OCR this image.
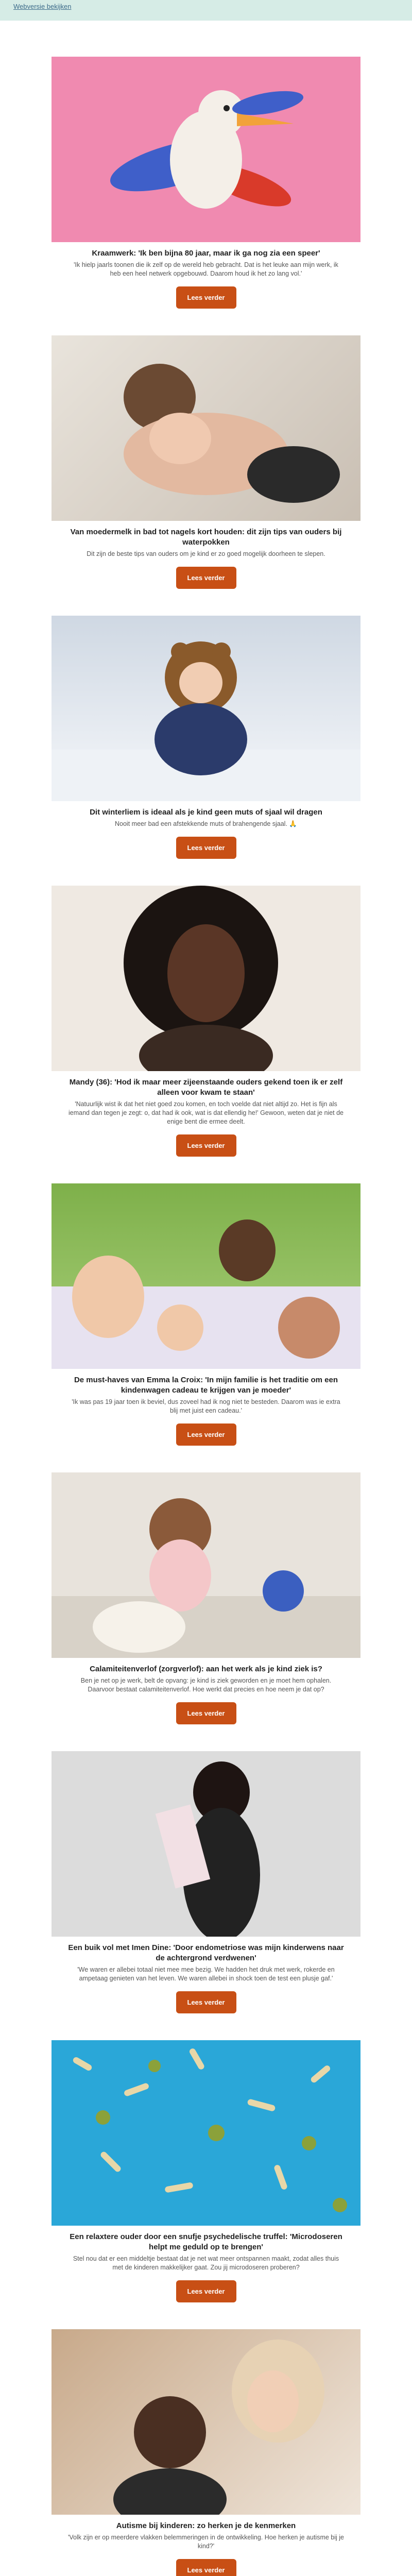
Webversie bekijken
Kraamwerk: 'Ik ben bijna 80 jaar, maar ik ga nog zia een speer'
'Ik hielp jaarls toonen die ik zelf op de wereld heb gebracht. Dat is het leuke aan mijn werk, ik heb een heel netwerk opgebouwd. Daarom houd ik het zo lang vol.'
Lees verder
Van moedermelk in bad tot nagels kort houden: dit zijn tips van ouders bij waterpokken
Dit zijn de beste tips van ouders om je kind er zo goed mogelijk doorheen te slepen.
Lees verder
Dit winterliem is ideaal als je kind geen muts of sjaal wil dragen
Nooit meer bad een afstekkende muts of brahengende sjaal. 🙏
Lees verder
Mandy (36): 'Hod ik maar meer zijeenstaande ouders gekend toen ik er zelf alleen voor kwam te staan'
'Natuurlijk wist ik dat het niet goed zou komen, en toch voelde dat niet altijd zo. Het is fijn als iemand dan tegen je zegt: o, dat had ik ook, wat is dat ellendig he!' Gewoon, weten dat je niet de enige bent die ermee deelt.
Lees verder
De must-haves van Emma la Croix: 'In mijn familie is het traditie om een kindenwagen cadeau te krijgen van je moeder'
'Ik was pas 19 jaar toen ik beviel, dus zoveel had ik nog niet te besteden. Daarom was ie extra blij met juist een cadeau.'
Lees verder
Calamiteitenverlof (zorgverlof): aan het werk als je kind ziek is?
Ben je net op je werk, belt de opvang: je kind is ziek geworden en je moet hem ophalen. Daarvoor bestaat calamiteitenverlof. Hoe werkt dat precies en hoe neem je dat op?
Lees verder
Een buik vol met Imen Dine: 'Door endometriose was mijn kinderwens naar de achtergrond verdwenen'
'We waren er allebei totaal niet mee mee bezig. We hadden het druk met werk, rokerde en ampetaag genieten van het leven. We waren allebei in shock toen de test een plusje gaf.'
Lees verder
Een relaxtere ouder door een snufje psychedelische truffel: 'Microdoseren helpt me geduld op te brengen'
Stel nou dat er een middeltje bestaat dat je net wat meer ontspannen maakt, zodat alles thuis met de kinderen makkelijker gaat. Zou jij microdoseren proberen?
Lees verder
Autisme bij kinderen: zo herken je de kenmerken
'Volk zijn er op meerdere vlakken belemmeringen in de ontwikkeling. Hoe herken je autisme bij je kind?'
Lees verder
